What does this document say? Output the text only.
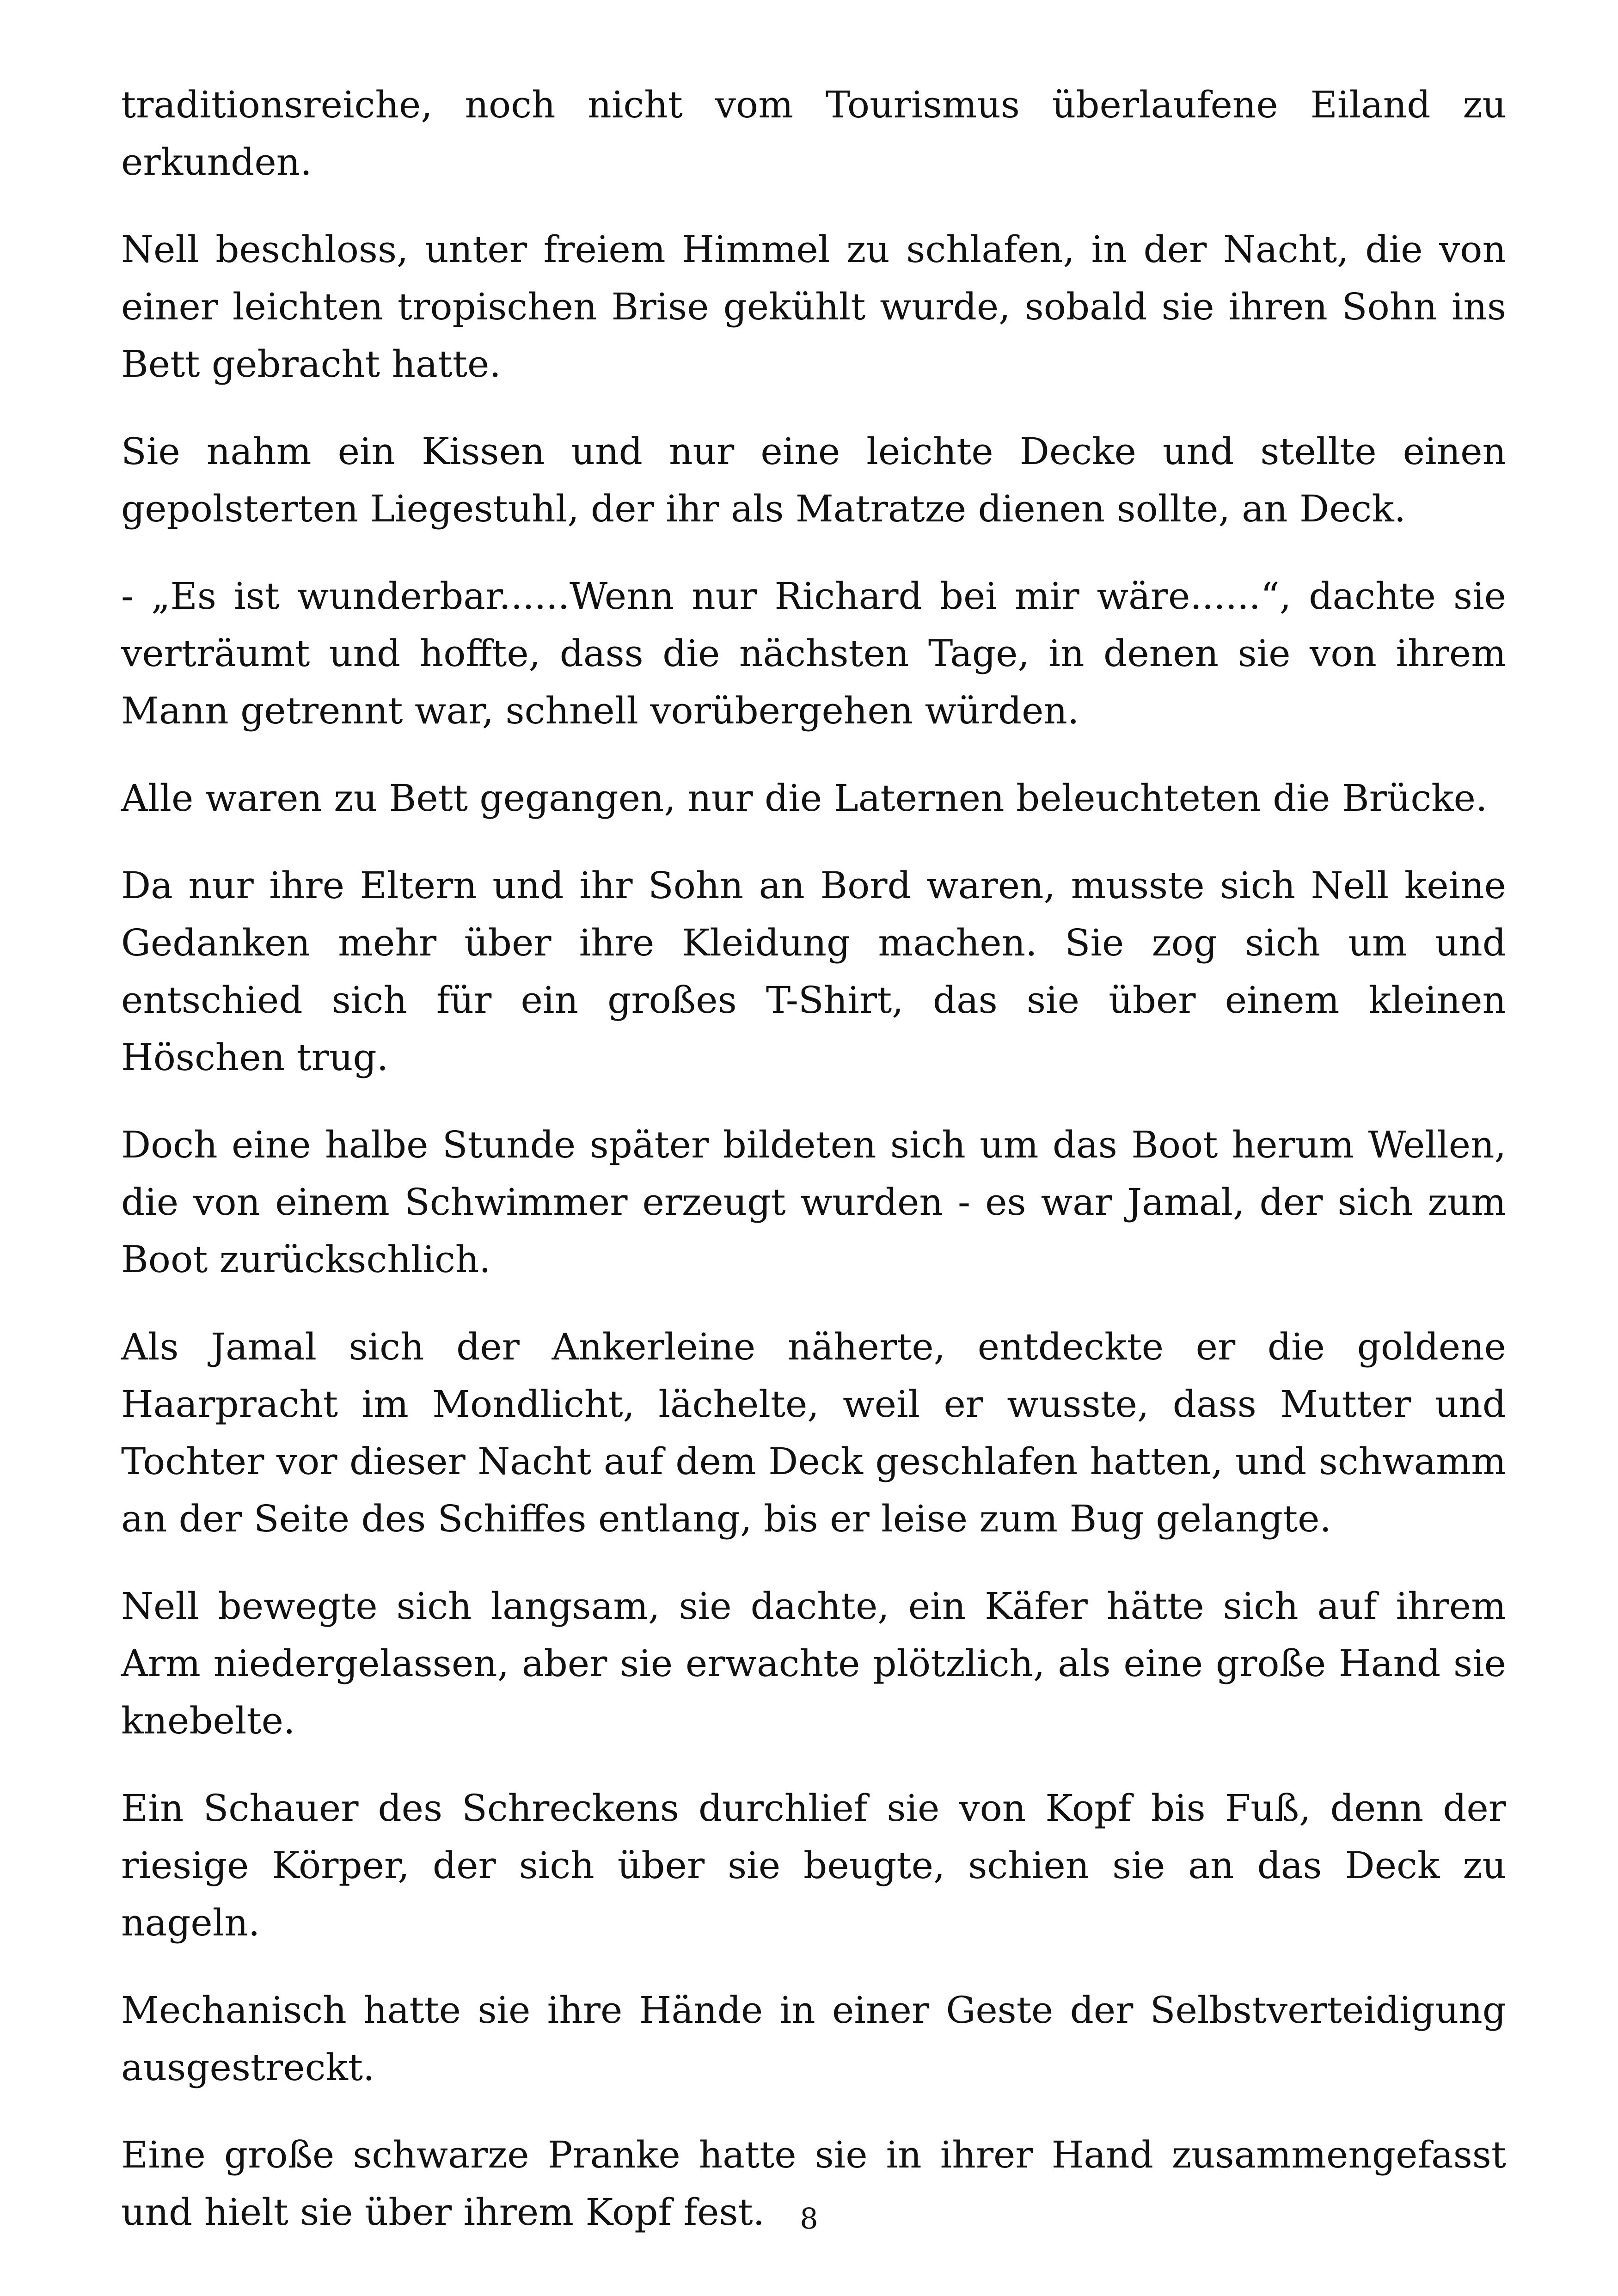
traditionsreiche, noch nicht vom Tourismus überlaufene Eiland zu erkunden.

Nell beschloss, unter freiem Himmel zu schlafen, in der Nacht, die von einer leichten tropischen Brise gekühlt wurde, sobald sie ihren Sohn ins Bett gebracht hatte.

Sie nahm ein Kissen und nur eine leichte Decke und stellte einen gepolsterten Liegestuhl, der ihr als Matratze dienen sollte, an Deck.

- „Es ist wunderbar......Wenn nur Richard bei mir wäre......“, dachte sie verträumt und hoffte, dass die nächsten Tage, in denen sie von ihrem Mann getrennt war, schnell vorübergehen würden.

Alle waren zu Bett gegangen, nur die Laternen beleuchteten die Brücke.

Da nur ihre Eltern und ihr Sohn an Bord waren, musste sich Nell keine Gedanken mehr über ihre Kleidung machen. Sie zog sich um und entschied sich für ein großes T-Shirt, das sie über einem kleinen Höschen trug.

Doch eine halbe Stunde später bildeten sich um das Boot herum Wellen, die von einem Schwimmer erzeugt wurden - es war Jamal, der sich zum Boot zurückschlich.

Als Jamal sich der Ankerleine näherte, entdeckte er die goldene Haarpracht im Mondlicht, lächelte, weil er wusste, dass Mutter und Tochter vor dieser Nacht auf dem Deck geschlafen hatten, und schwamm an der Seite des Schiffes entlang, bis er leise zum Bug gelangte.

Nell bewegte sich langsam, sie dachte, ein Käfer hätte sich auf ihrem Arm niedergelassen, aber sie erwachte plötzlich, als eine große Hand sie knebelte.

Ein Schauer des Schreckens durchlief sie von Kopf bis Fuß, denn der riesige Körper, der sich über sie beugte, schien sie an das Deck zu nageln.

Mechanisch hatte sie ihre Hände in einer Geste der Selbstverteidigung ausgestreckt.

Eine große schwarze Pranke hatte sie in ihrer Hand zusammengefasst und hielt sie über ihrem Kopf fest.	8
